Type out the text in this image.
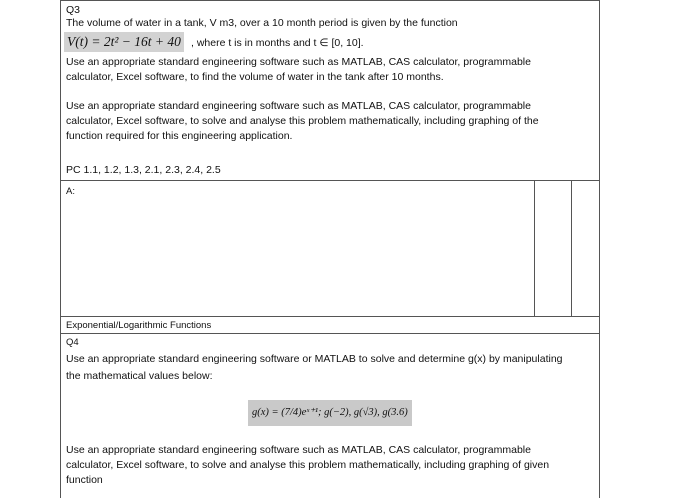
Q3
The volume of water in a tank, V m3, over a 10 month period is given by the function
V(t) = 2t² − 16t + 40 , where t is in months and t ∈ [0, 10].
Use an appropriate standard engineering software such as MATLAB, CAS calculator, programmable
calculator, Excel software, to find the volume of water in the tank after 10 months.
Use an appropriate standard engineering software such as MATLAB, CAS calculator, programmable
calculator, Excel software, to solve and analyse this problem mathematically, including graphing of the
function required for this engineering application.
PC 1.1, 1.2, 1.3, 2.1, 2.3, 2.4, 2.5
A:
Exponential/Logarithmic Functions
Q4
Use an appropriate standard engineering software or MATLAB to solve and determine g(x) by manipulating
the mathematical values below:
g(x) = (7/4)eˣ⁺¹; g(−2), g(√3), g(3.6)
Use an appropriate standard engineering software such as MATLAB, CAS calculator, programmable
calculator, Excel software, to solve and analyse this problem mathematically, including graphing of given
function
